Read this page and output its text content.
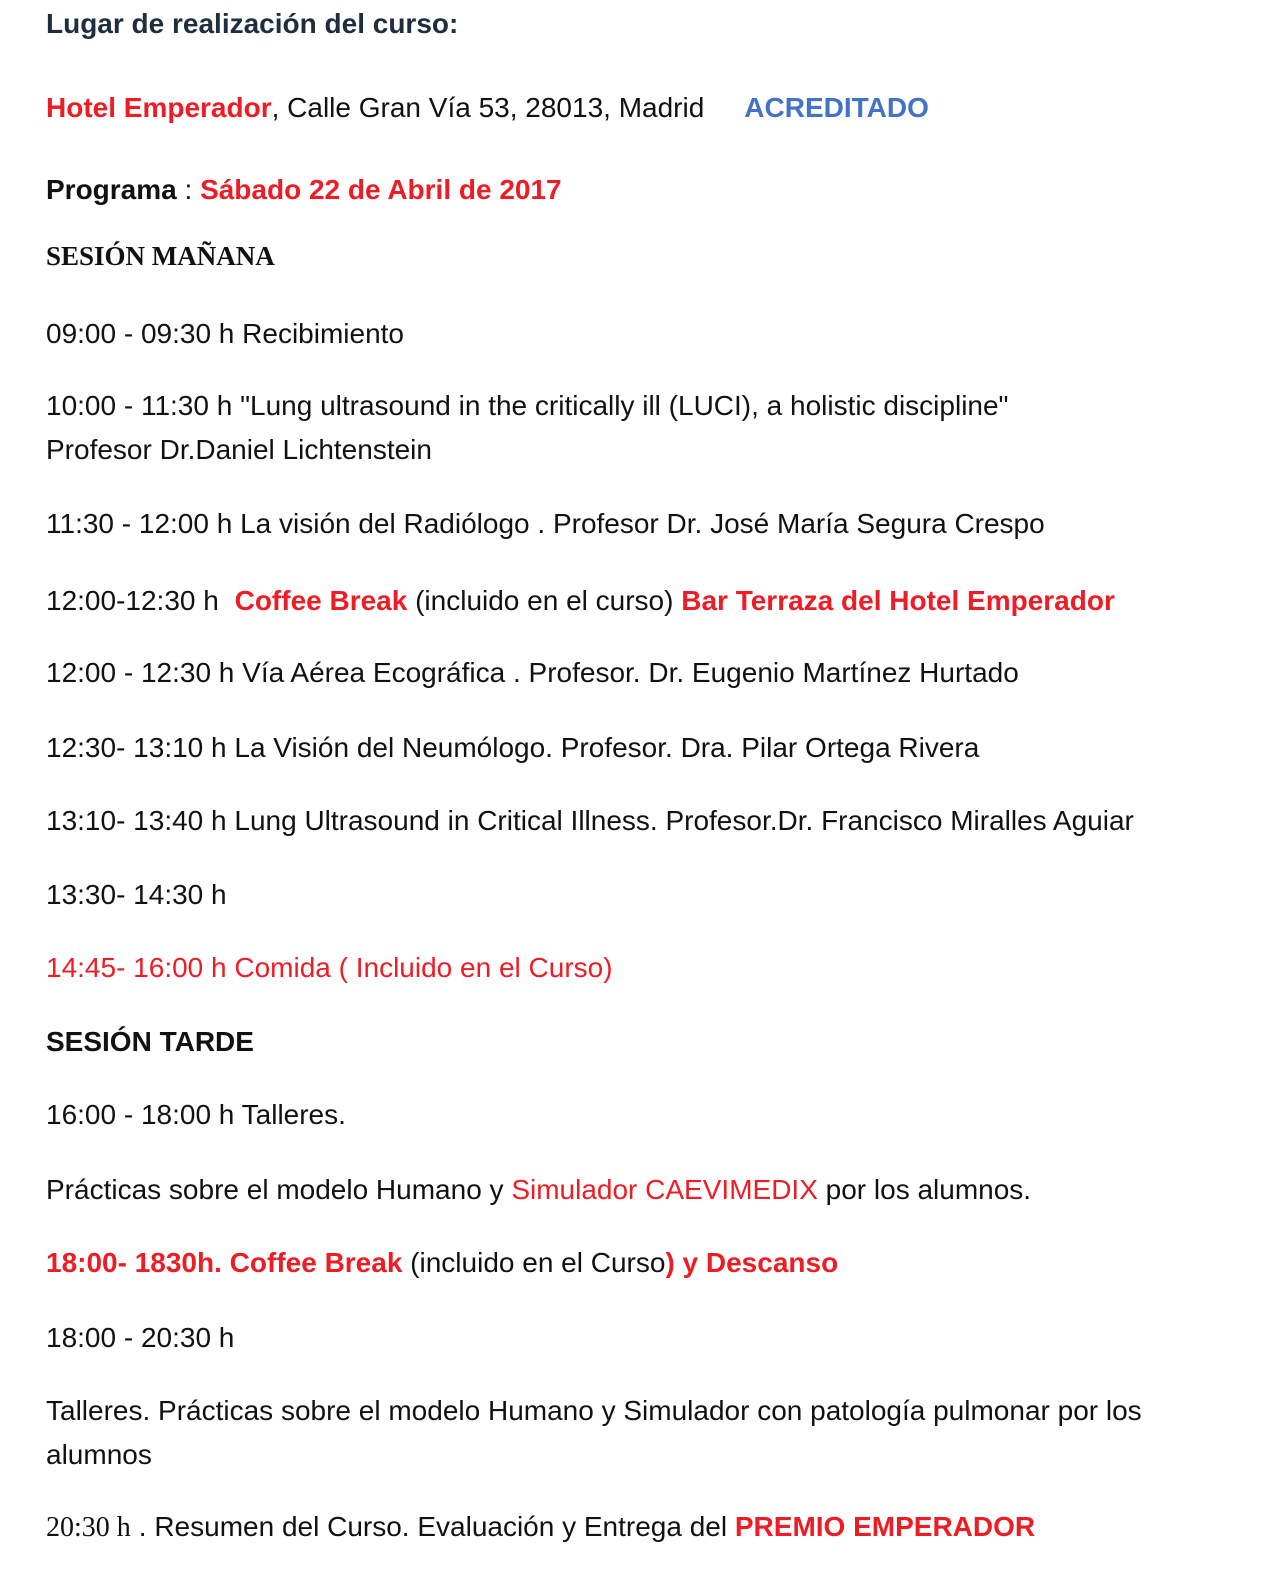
Lugar de realización del curso:
Hotel Emperador, Calle Gran Vía 53, 28013, Madrid ACREDITADO
Programa : Sábado 22 de Abril de 2017
SESIÓN MAÑANA
09:00 - 09:30 h Recibimiento
10:00 - 11:30 h "Lung ultrasound in the critically ill (LUCI), a holistic discipline"
Profesor Dr.Daniel Lichtenstein
11:30 - 12:00 h La visión del Radiólogo . Profesor Dr. José María Segura Crespo
12:00-12:30 h Coffee Break (incluido en el curso) Bar Terraza del Hotel Emperador
12:00 - 12:30 h Vía Aérea Ecográfica . Profesor. Dr. Eugenio Martínez Hurtado
12:30- 13:10 h La Visión del Neumólogo. Profesor. Dra. Pilar Ortega Rivera
13:10- 13:40 h Lung Ultrasound in Critical Illness. Profesor.Dr. Francisco Miralles Aguiar
13:30- 14:30 h
14:45- 16:00 h Comida ( Incluido en el Curso)
SESIÓN TARDE
16:00 - 18:00 h Talleres.
Prácticas sobre el modelo Humano y Simulador CAEVIMEDIX por los alumnos.
18:00- 1830h. Coffee Break (incluido en el Curso) y Descanso
18:00 - 20:30 h
Talleres. Prácticas sobre el modelo Humano y Simulador con patología pulmonar por los
alumnos
20:30 h . Resumen del Curso. Evaluación y Entrega del PREMIO EMPERADOR
